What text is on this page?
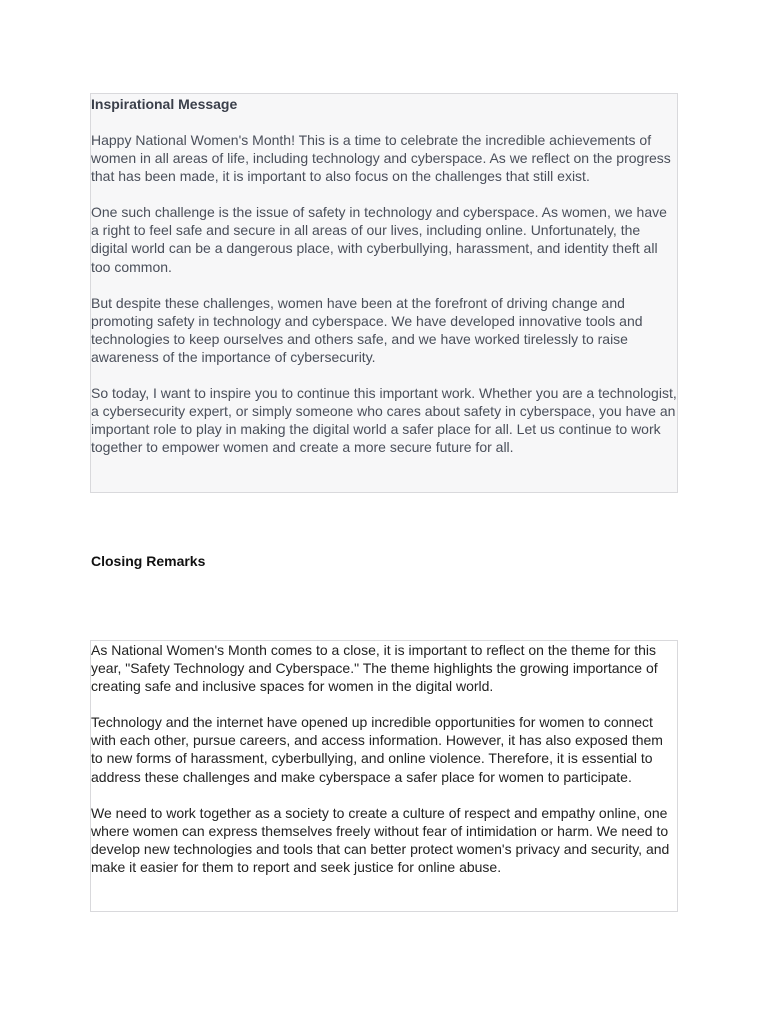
Inspirational Message

Happy National Women's Month! This is a time to celebrate the incredible achievements of women in all areas of life, including technology and cyberspace. As we reflect on the progress that has been made, it is important to also focus on the challenges that still exist.

One such challenge is the issue of safety in technology and cyberspace. As women, we have a right to feel safe and secure in all areas of our lives, including online. Unfortunately, the digital world can be a dangerous place, with cyberbullying, harassment, and identity theft all too common.

But despite these challenges, women have been at the forefront of driving change and promoting safety in technology and cyberspace. We have developed innovative tools and technologies to keep ourselves and others safe, and we have worked tirelessly to raise awareness of the importance of cybersecurity.

So today, I want to inspire you to continue this important work. Whether you are a technologist, a cybersecurity expert, or simply someone who cares about safety in cyberspace, you have an important role to play in making the digital world a safer place for all. Let us continue to work together to empower women and create a more secure future for all.

Closing Remarks

As National Women's Month comes to a close, it is important to reflect on the theme for this year, "Safety Technology and Cyberspace." The theme highlights the growing importance of creating safe and inclusive spaces for women in the digital world.

Technology and the internet have opened up incredible opportunities for women to connect with each other, pursue careers, and access information. However, it has also exposed them to new forms of harassment, cyberbullying, and online violence. Therefore, it is essential to address these challenges and make cyberspace a safer place for women to participate.

We need to work together as a society to create a culture of respect and empathy online, one where women can express themselves freely without fear of intimidation or harm. We need to develop new technologies and tools that can better protect women's privacy and security, and make it easier for them to report and seek justice for online abuse.
